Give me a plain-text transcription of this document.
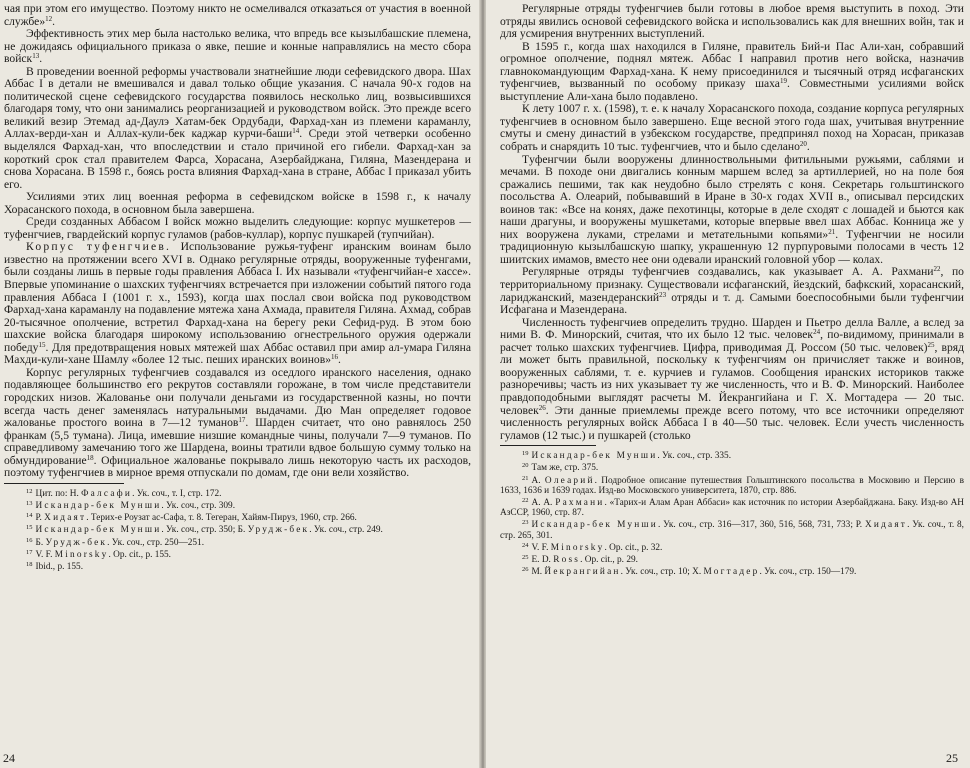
чая при этом его имущество. Поэтому никто не осмеливался отказаться от участия в военной службе»$^{12}$.

Эффективность этих мер была настолько велика, что впредь все кызылбашские племена, не дожидаясь официального приказа о явке, пешие и конные направлялись на место сбора войск$^{13}$.

В проведении военной реформы участвовали знатнейшие люди сефевидского двора. Шах Аббас I в детали не вмешивался и давал только общие указания. С начала 90-х годов на политической сцене сефевидского государства появилось несколько лиц, возвысившихся благодаря тому, что они занимались реорганизацией и руководством войск. Это прежде всего великий везир Этемад ад-Даулэ Хатам-бек Ордубади, Фархад-хан из племени караманлу, Аллах-верди-хан и Аллах-кули-бек каджар курчи-баши$^{14}$. Среди этой четверки особенно выделялся Фархад-хан, что впоследствии и стало причиной его гибели. Фархад-хан за короткий срок стал правителем Фарса, Хорасана, Азербайджана, Гиляна, Мазендерана и снова Хорасана. В 1598 г., боясь роста влияния Фархад-хана в стране, Аббас I приказал убить его.

Усилиями этих лиц военная реформа в сефевидском войске в 1598 г., к началу Хорасанского похода, в основном была завершена.

Среди созданных Аббасом I войск можно выделить следующие: корпус мушкетеров — тyфенгчиев, гвардейский корпус гуламов (рабов-куллар), корпус пушкарей (тупчийан).

Корпус тyфенгчиев. Использование ружья-тyфенг иранским воинам было известно на протяжении всего XVI в. Однако регулярные отряды, вооруженные тyфенгами, были созданы лишь в первые годы правления Аббаса I. Их называли «тyфенгчийан-е хассе». Впервые упоминание о шахских тyфенгчиях встречается при изложении событий пятого года правления Аббаса I (1001 г. х., 1593), когда шах послал свои войска под руководством Фархад-хана караманлу на подавление мятежа хана Ахмада, правителя Гиляна. Ахмад, собрав 20-тысячное ополчение, встретил Фархад-хана на берегу реки Сефид-руд. В этом бою шахские войска благодаря широкому использованию огнестрельного оружия одержали победу$^{15}$. Для предотвращения новых мятежей шах Аббас оставил при амир ал-умара Гиляна Махди-кули-хане Шамлу «более 12 тыс. пеших иранских воинов»$^{16}$.

Корпус регулярных тyфенгчиев создавался из оседлого иранского населения, однако подавляющее большинство его рекрутов составляли горожане, в том числе представители городских низов. Жалованье они получали деньгами из государственной казны, но почти всегда часть денег заменялась натуральными выдачами. Дю Ман определяет годовое жалованье простого воина в 7—12 туманов$^{17}$. Шарден считает, что оно равнялось 250 франкам (5,5 тумана). Лица, имевшие низшие командные чины, получали 7—9 туманов. По справедливому замечанию того же Шардена, воины тратили вдвое большую сумму только на обмундирование$^{18}$. Официальное жалованье покрывало лишь некоторую часть их расходов, поэтому тyфенгчиев в мирное время отпускали по домам, где они вели хозяйство.

$^{12}$ Цит. по: Н. Фалсафи. Ук. соч., т. I, стр. 172.

$^{13}$ Искандар-бек Мунши. Ук. соч., стр. 309.

$^{14}$ Р. Хидаят. Терих-е Роузат ас-Сафа, т. 8. Тегеран, Хайям-Пируз, 1960, стр. 266.

$^{15}$ Искандар-бек Мунши. Ук. соч., стр. 350; Б. Урудж-бек. Ук. соч., стр. 249.

$^{16}$ Б. Урудж-бек. Ук. соч., стр. 250—251.

$^{17}$ V. F. Minorsky. Op. cit., p. 155.

$^{18}$ Ibid., p. 155.

24

Регулярные отряды тyфенгчиев были готовы в любое время выступить в поход. Эти отряды явились основой сефевидского войска и использовались как для внешних войн, так и для усмирения внутренних выступлений.

В 1595 г., когда шах находился в Гиляне, правитель Бий-и Пас Али-хан, собравший огромное ополчение, поднял мятеж. Аббас I направил против него войска, назначив главнокомандующим Фархад-хана. К нему присоединился и тысячный отряд исфаганских тyфенгчиев, вызванный по особому приказу шаха$^{19}$. Совместными усилиями войск выступление Али-хана было подавлено.

К лету 1007 г. х. (1598), т. е. к началу Хорасанского похода, создание корпуса регулярных тyфенгчиев в основном было завершено. Еще весной этого года шах, учитывая внутренние смуты и смену династий в узбекском государстве, предпринял поход на Хорасан, приказав собрать и снарядить 10 тыс. тyфенгчиев, что и было сделано$^{20}$.

Тyфенгчии были вооружены длинноствольными фитильными ружьями, саблями и мечами. В походе они двигались конным маршем вслед за артиллерией, но на поле боя сражались пешими, так как неудобно было стрелять с коня. Секретарь гольштинского посольства А. Олеарий, побывавший в Иране в 30-х годах XVII в., описывал персидских воинов так: «Все на конях, даже пехотинцы, которые в деле сходят с лошадей и бьются как наши драгуны, и вооружены мушкетами, которые впервые ввел шах Аббас. Конница же у них вооружена луками, стрелами и метательными копьями»$^{21}$. Тyфенгчии не носили традиционную кызылбашскую шапку, украшенную 12 пурпуровыми полосами в честь 12 шиитских имамов, вместо нее они одевали иранский головной убор — колах.

Регулярные отряды тyфенгчиев создавались, как указывает А. А. Рахмани$^{22}$, по территориальному признаку. Существовали исфаганский, йездский, бафкский, хорасанский, лариджанский, мазендеранский$^{23}$ отряды и т. д. Самыми боеспособными были тyфенгчии Исфагана и Мазендерана.

Численность тyфенгчиев определить трудно. Шарден и Пьетро делла Валле, а вслед за ними В. Ф. Минорский, считая, что их было 12 тыс. человек$^{24}$, по-видимому, принимали в расчет только шахских тyфенгчиев. Цифра, приводимая Д. Россом (50 тыс. человек)$^{25}$, вряд ли может быть правильной, поскольку к тyфенгчиям он причисляет также и воинов, вооруженных саблями, т. е. курчиев и гуламов. Сообщения иранских историков также разноречивы; часть из них указывает ту же численность, что и В. Ф. Минорский. Наиболее правдоподобными выглядят расчеты М. Йекрангийана и Г. Х. Могтадера — 20 тыс. человек$^{26}$. Эти данные приемлемы прежде всего потому, что все источники определяют численность регулярных войск Аббаса I в 40—50 тыс. человек. Если учесть численность гуламов (12 тыс.) и пушкарей (столько

$^{19}$ Искандар-бек Мунши. Ук. соч., стр. 335.

$^{20}$ Там же, стр. 375.

$^{21}$ А. Олеарий. Подробное описание путешествия Гольштинского посольства в Московию и Персию в 1633, 1636 и 1639 годах. Изд-во Московского университета, 1870, стр. 886.

$^{22}$ А. А. Рахмани. «Тарих-и Алам Аран Аббаси» как источник по истории Азербайджана. Баку. Изд-во АН АзССР, 1960, стр. 87.

$^{23}$ Искандар-бек Мунши. Ук. соч., стр. 316—317, 360, 516, 568, 731, 733; Р. Хидаят. Ук. соч., т. 8, стр. 265, 301.

$^{24}$ V. F. Minorsky. Op. cit., p. 32.

$^{25}$ E. D. Ross. Op. cit., p. 29.

$^{26}$ М. Йекрангийан. Ук. соч., стр. 10; Х. Могтадер. Ук. соч., стр. 150—179.

25
